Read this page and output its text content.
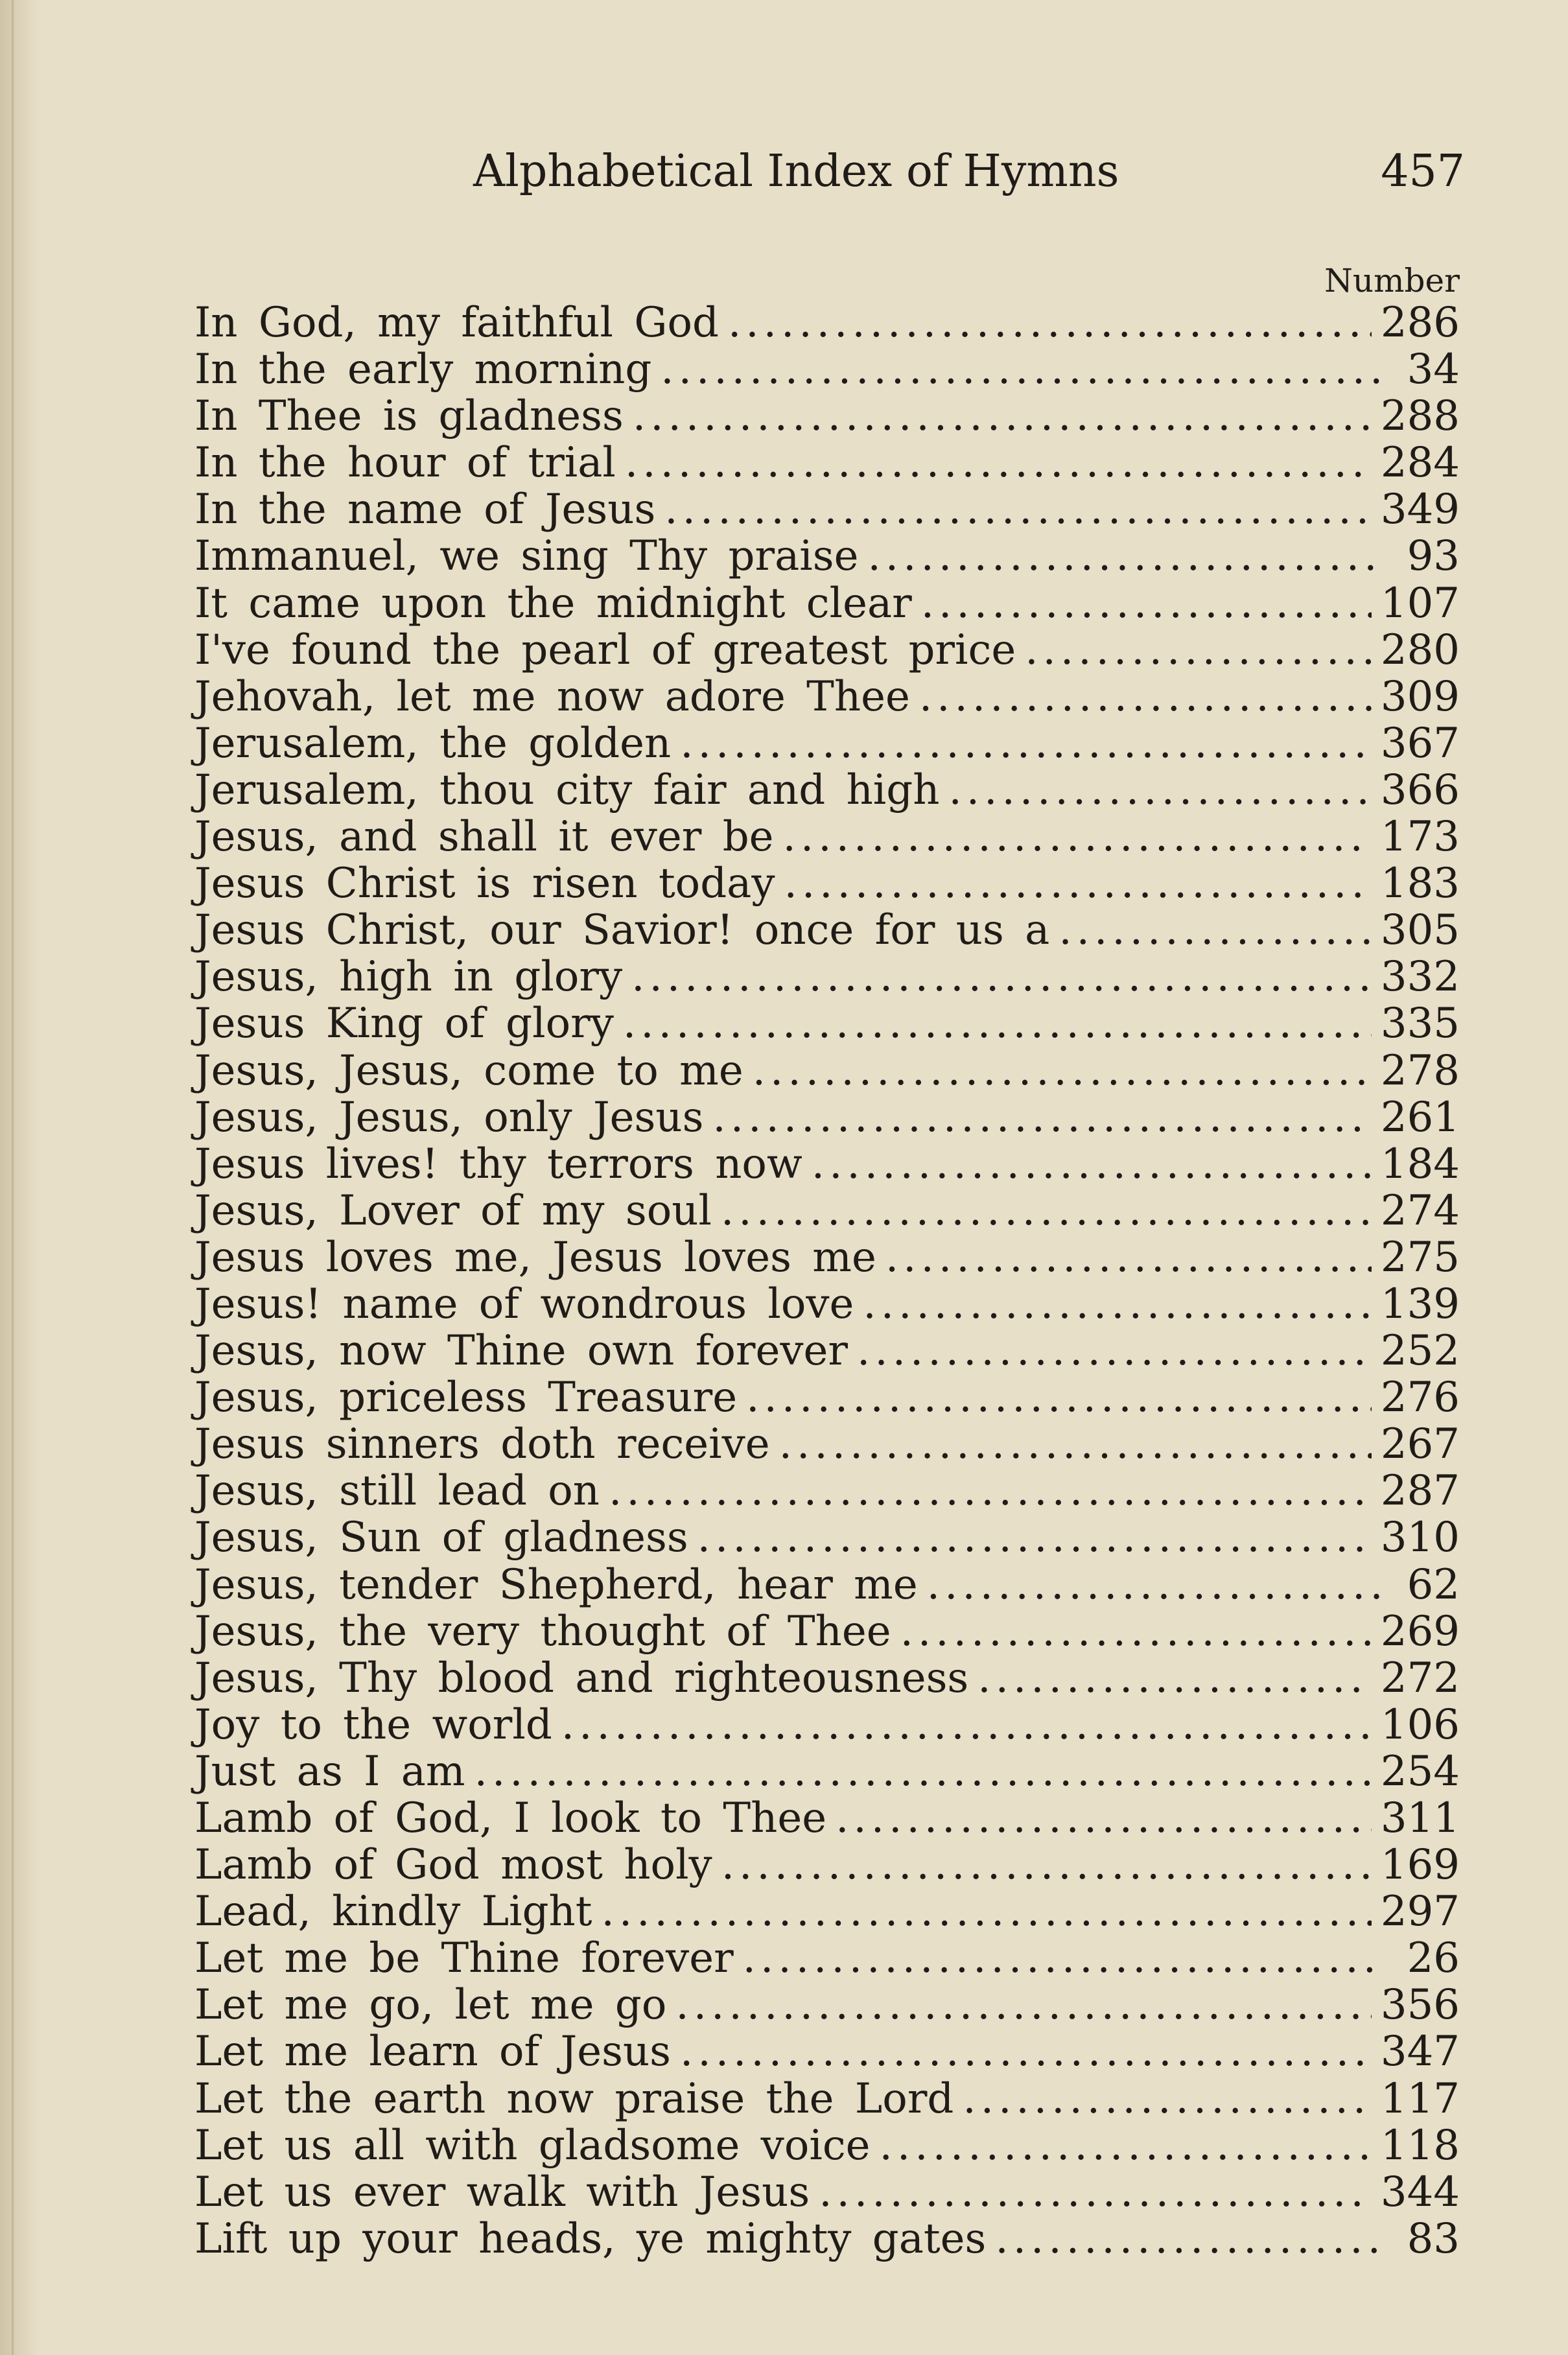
Alphabetical Index of Hymns	457
Number
In God, my faithful God .....	286
In the early morning .....	34
In Thee is gladness .....	288
In the hour of trial .....	284
In the name of Jesus .....	349
Immanuel, we sing Thy praise .....	93
It came upon the midnight clear .....	107
I've found the pearl of greatest price .....	280
Jehovah, let me now adore Thee .....	309
Jerusalem, the golden .....	367
Jerusalem, thou city fair and high .....	366
Jesus, and shall it ever be .....	173
Jesus Christ is risen today .....	183
Jesus Christ, our Savior! once for us a .....	305
Jesus, high in glory .....	332
Jesus King of glory .....	335
Jesus, Jesus, come to me .....	278
Jesus, Jesus, only Jesus .....	261
Jesus lives! thy terrors now .....	184
Jesus, Lover of my soul .....	274
Jesus loves me, Jesus loves me .....	275
Jesus! name of wondrous love .....	139
Jesus, now Thine own forever .....	252
Jesus, priceless Treasure .....	276
Jesus sinners doth receive .....	267
Jesus, still lead on .....	287
Jesus, Sun of gladness .....	310
Jesus, tender Shepherd, hear me .....	62
Jesus, the very thought of Thee .....	269
Jesus, Thy blood and righteousness .....	272
Joy to the world .....	106
Just as I am .....	254
Lamb of God, I look to Thee .....	311
Lamb of God most holy .....	169
Lead, kindly Light .....	297
Let me be Thine forever .....	26
Let me go, let me go .....	356
Let me learn of Jesus .....	347
Let the earth now praise the Lord .....	117
Let us all with gladsome voice .....	118
Let us ever walk with Jesus .....	344
Lift up your heads, ye mighty gates .....	83
